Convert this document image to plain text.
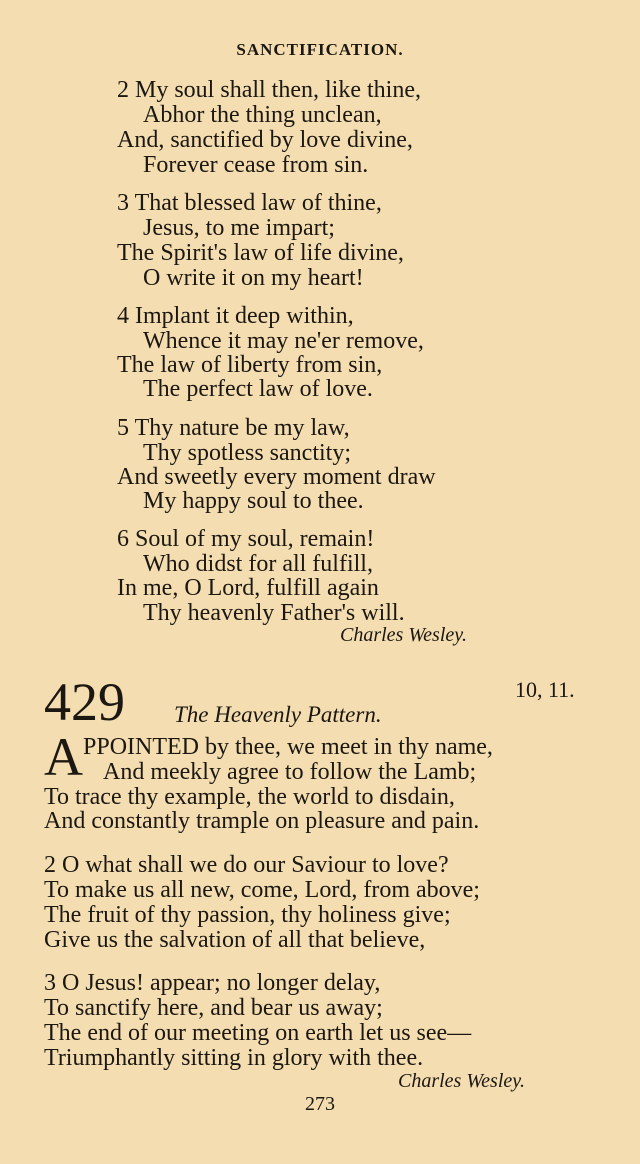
SANCTIFICATION.
2 My soul shall then, like thine,
Abhor the thing unclean,
And, sanctified by love divine,
Forever cease from sin.
3 That blessed law of thine,
Jesus, to me impart;
The Spirit's law of life divine,
O write it on my heart!
4 Implant it deep within,
Whence it may ne'er remove,
The law of liberty from sin,
The perfect law of love.
5 Thy nature be my law,
Thy spotless sanctity;
And sweetly every moment draw
My happy soul to thee.
6 Soul of my soul, remain!
Who didst for all fulfill,
In me, O Lord, fulfill again
Thy heavenly Father's will.
Charles Wesley.
429	10, 11.
The Heavenly Pattern.
A PPOINTED by thee, we meet in thy name,
And meekly agree to follow the Lamb;
To trace thy example, the world to disdain,
And constantly trample on pleasure and pain.
2 O what shall we do our Saviour to love?
To make us all new, come, Lord, from above;
The fruit of thy passion, thy holiness give;
Give us the salvation of all that believe,
3 O Jesus! appear; no longer delay,
To sanctify here, and bear us away;
The end of our meeting on earth let us see—
Triumphantly sitting in glory with thee.
Charles Wesley.
273
